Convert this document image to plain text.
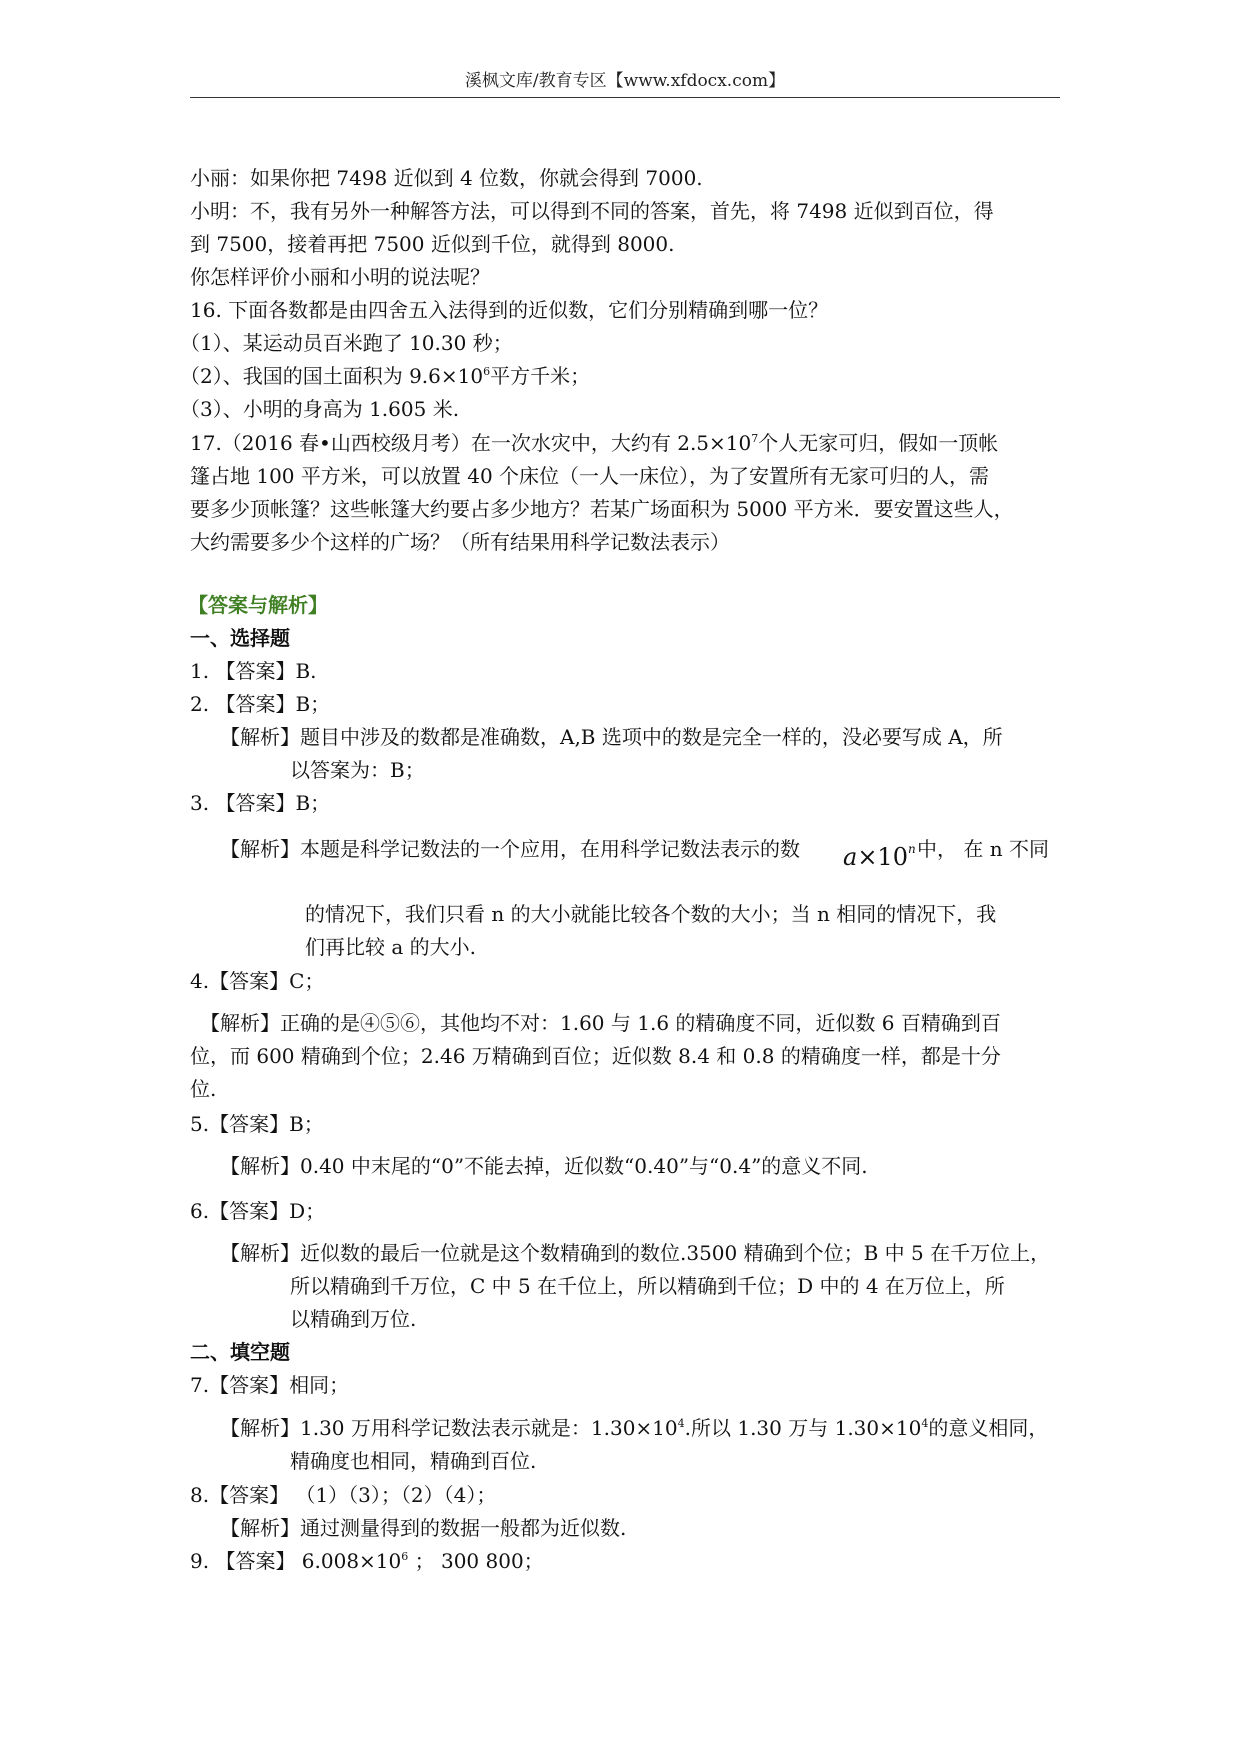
溪枫文库/教育专区【www.xfdocx.com】
小丽：如果你把 7498 近似到 4 位数，你就会得到 7000.
小明：不，我有另外一种解答方法，可以得到不同的答案，首先，将 7498 近似到百位，得
到 7500，接着再把 7500 近似到千位，就得到 8000.
你怎样评价小丽和小明的说法呢？
16. 下面各数都是由四舍五入法得到的近似数，它们分别精确到哪一位？
（1）、某运动员百米跑了 10.30 秒；
（2）、我国的国土面积为 $9.6\times 10^6$平方千米；
（3）、小明的身高为 1.605 米.
17.（2016 春•山西校级月考）在一次水灾中，大约有 $2.5\times 10^7$个人无家可归，假如一顶帐
篷占地 100 平方米，可以放置 40 个床位（一人一床位），为了安置所有无家可归的人，需
要多少顶帐篷？这些帐篷大约要占多少地方？若某广场面积为 5000 平方米．要安置这些人，
大约需要多少个这样的广场？（所有结果用科学记数法表示）
【答案与解析】
一、选择题
1. 【答案】B.
2. 【答案】B；
【解析】题目中涉及的数都是准确数，A,B 选项中的数是完全一样的，没必要写成 A，所
以答案为：B；
3. 【答案】B；
【解析】本题是科学记数法的一个应用，在用科学记数法表示的数 $a\times 10^n$ 中， 在 n 不同
的情况下，我们只看 n 的大小就能比较各个数的大小；当 n 相同的情况下，我
们再比较 a 的大小.
4.【答案】C；
【解析】正确的是④⑤⑥，其他均不对：1.60 与 1.6 的精确度不同，近似数 6 百精确到百
位，而 600 精确到个位；2.46 万精确到百位；近似数 8.4 和 0.8 的精确度一样，都是十分
位.
5.【答案】B；
【解析】0.40 中末尾的“0”不能去掉，近似数“0.40”与“0.4”的意义不同.
6.【答案】D；
【解析】近似数的最后一位就是这个数精确到的数位.3500 精确到个位；B 中 5 在千万位上，
所以精确到千万位，C 中 5 在千位上，所以精确到千位；D 中的 4 在万位上，所
以精确到万位.
二、填空题
7.【答案】相同；
【解析】1.30 万用科学记数法表示就是：$1.30\times 10^4$.所以 1.30 万与 $1.30\times 10^4$的意义相同，
精确度也相同，精确到百位.
8.【答案】 （1）（3）；（2）（4）；
【解析】通过测量得到的数据一般都为近似数.
9. 【答案】 $6.008\times 10^6$ ； 300 800；
